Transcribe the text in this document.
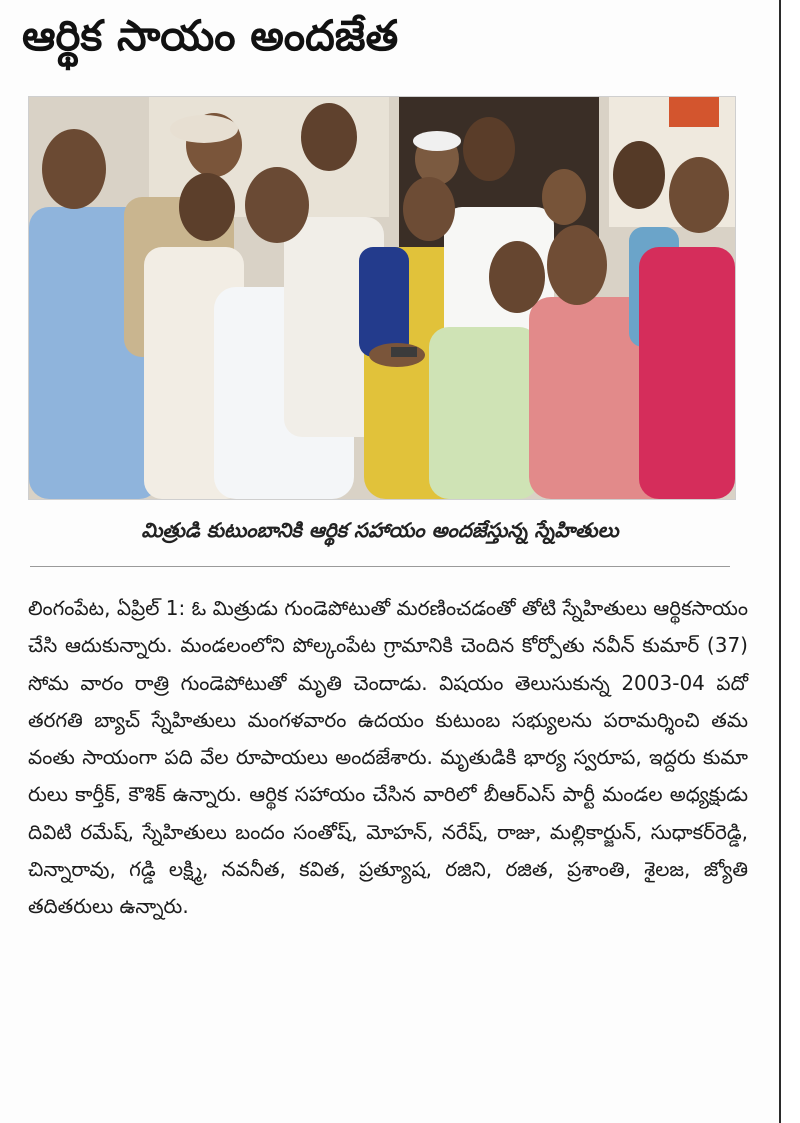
ఆర్థిక సాయం అందజేత

మిత్రుడి కుటుంబానికి ఆర్థిక సహాయం అందజేస్తున్న స్నేహితులు

లింగంపేట, ఏప్రిల్ 1: ఓ మిత్రుడు గుండెపోటుతో మరణించడంతో తోటి స్నేహితులు ఆర్థికసాయం చేసి ఆదుకున్నారు. మండలంలోని పోల్కంపేట గ్రామానికి చెందిన కోర్పోతు నవీన్ కుమార్ (37) సోమ వారం రాత్రి గుండెపోటుతో మృతి చెందాడు. విషయం తెలుసుకున్న 2003-04 పదో తరగతి బ్యాచ్ స్నేహితులు మంగళవారం ఉదయం కుటుంబ సభ్యులను పరామర్శించి తమ వంతు సాయంగా పది వేల రూపాయలు అందజేశారు. మృతుడికి భార్య స్వరూప, ఇద్దరు కుమా రులు కార్తీక్, కౌశిక్ ఉన్నారు. ఆర్థిక సహాయం చేసిన వారిలో బీఆర్ఎస్ పార్టీ మండల అధ్యక్షుడు దివిటి రమేష్, స్నేహితులు బందం సంతోష్, మోహన్, నరేష్, రాజు, మల్లికార్జున్, సుధాకర్‌రెడ్డి, చిన్నారావు, గడ్డి లక్ష్మి, నవనీత, కవిత, ప్రత్యూష, రజిని, రజిత, ప్రశాంతి, శైలజ, జ్యోతి తదితరులు ఉన్నారు.
